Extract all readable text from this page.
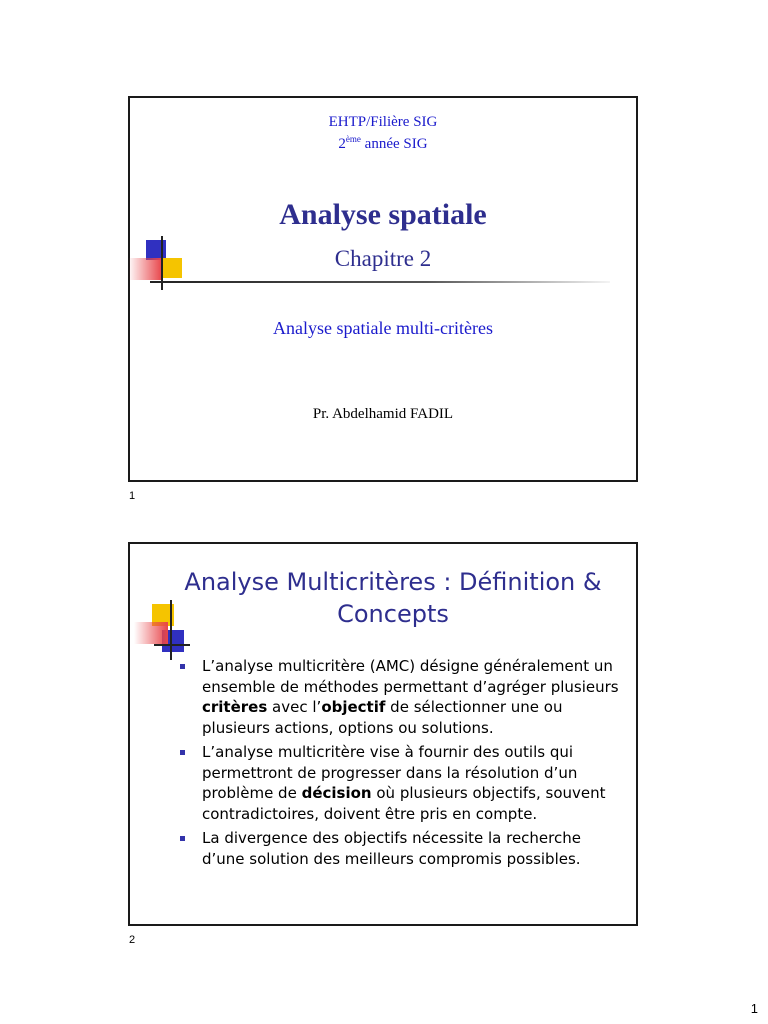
EHTP/Filière SIG
2ème année SIG
Analyse spatiale
Chapitre 2
Analyse spatiale multi-critères
Pr. Abdelhamid FADIL
1
Analyse Multicritères : Définition & Concepts
L’analyse multicritère (AMC) désigne généralement un ensemble de méthodes permettant d’agréger plusieurs critères avec l’objectif de sélectionner une ou plusieurs actions, options ou solutions.
L’analyse multicritère vise à fournir des outils qui permettront de progresser dans la résolution d’un problème de décision où plusieurs objectifs, souvent contradictoires, doivent être pris en compte.
La divergence des objectifs nécessite la recherche d’une solution des meilleurs compromis possibles.
2
1
